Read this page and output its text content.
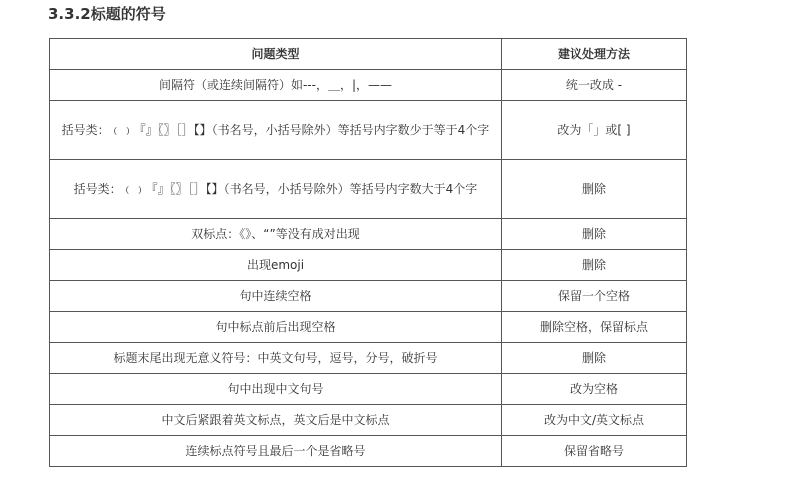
3.3.2标题的符号
问题类型	建议处理方法
间隔符（或连续间隔符）如---，＿，|，——	统一改成 -
括号类：﹙﹚『』〖〗［］【】（书名号，小括号除外）等括号内字数少于等于4个字	改为「」或[ ]
括号类：﹙﹚『』〖〗［］【】（书名号，小括号除外）等括号内字数大于4个字	删除
双标点：《》、“”等没有成对出现	删除
出现emoji	删除
句中连续空格	保留一个空格
句中标点前后出现空格	删除空格，保留标点
标题末尾出现无意义符号：中英文句号，逗号，分号，破折号	删除
句中出现中文句号	改为空格
中文后紧跟着英文标点，英文后是中文标点	改为中文/英文标点
连续标点符号且最后一个是省略号	保留省略号
